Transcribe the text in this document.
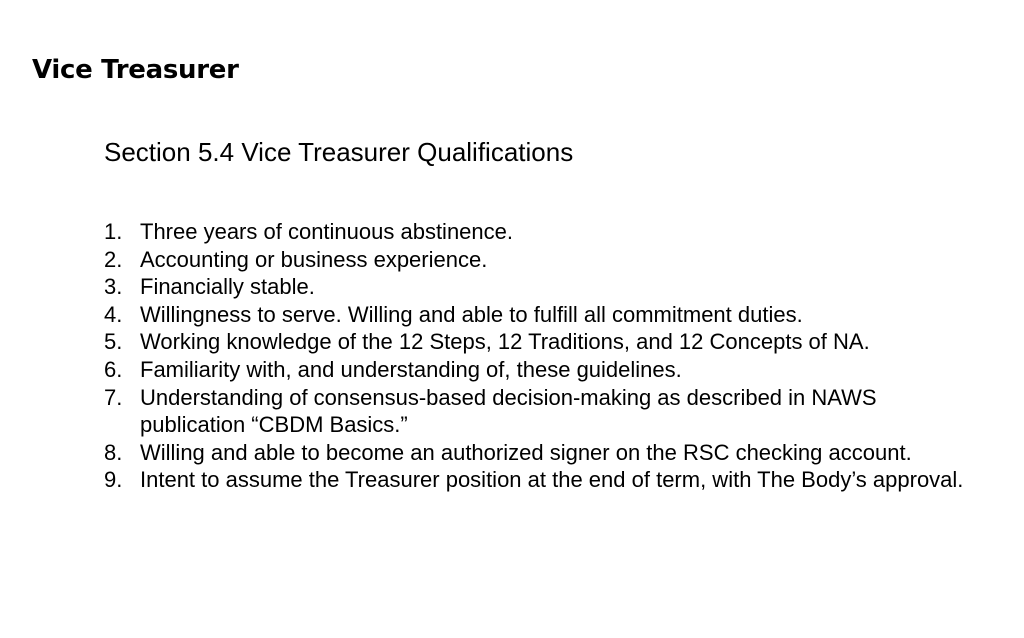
Vice Treasurer
Section 5.4 Vice Treasurer Qualifications
1. Three years of continuous abstinence.
2. Accounting or business experience.
3. Financially stable.
4. Willingness to serve. Willing and able to fulfill all commitment duties.
5. Working knowledge of the 12 Steps, 12 Traditions, and 12 Concepts of NA.
6. Familiarity with, and understanding of, these guidelines.
7. Understanding of consensus-based decision-making as described in NAWS publication “CBDM Basics.”
8. Willing and able to become an authorized signer on the RSC checking account.
9. Intent to assume the Treasurer position at the end of term, with The Body’s approval.
